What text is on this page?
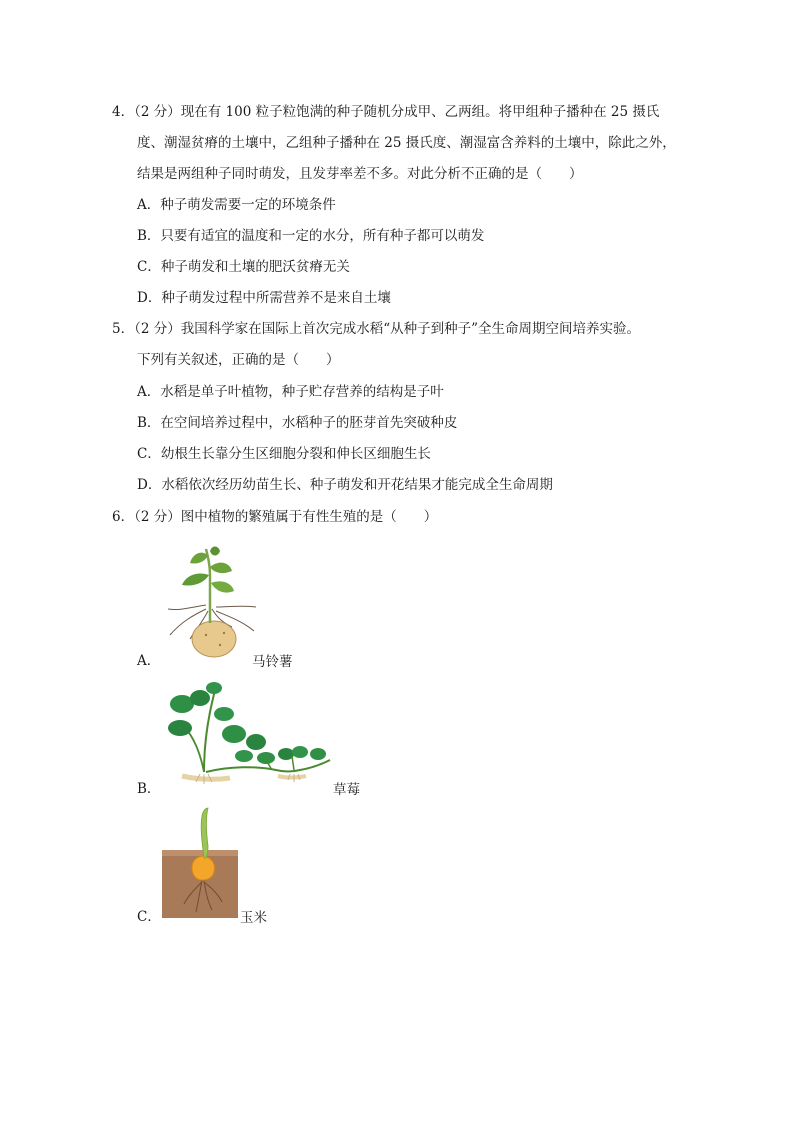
4．（2 分）现在有 100 粒子粒饱满的种子随机分成甲、乙两组。将甲组种子播种在 25 摄氏
度、潮湿贫瘠的土壤中，乙组种子播种在 25 摄氏度、潮湿富含养料的土壤中，除此之外，
结果是两组种子同时萌发，且发芽率差不多。对此分析不正确的是（　　）
A．种子萌发需要一定的环境条件
B．只要有适宜的温度和一定的水分，所有种子都可以萌发
C．种子萌发和土壤的肥沃贫瘠无关
D．种子萌发过程中所需营养不是来自土壤
5．（2 分）我国科学家在国际上首次完成水稻“从种子到种子”全生命周期空间培养实验。
下列有关叙述，正确的是（　　）
A．水稻是单子叶植物，种子贮存营养的结构是子叶
B．在空间培养过程中，水稻种子的胚芽首先突破种皮
C．幼根生长靠分生区细胞分裂和伸长区细胞生长
D．水稻依次经历幼苗生长、种子萌发和开花结果才能完成全生命周期
6．（2 分）图中植物的繁殖属于有性生殖的是（　　）
A．	马铃薯
B．	草莓
C．	玉米
